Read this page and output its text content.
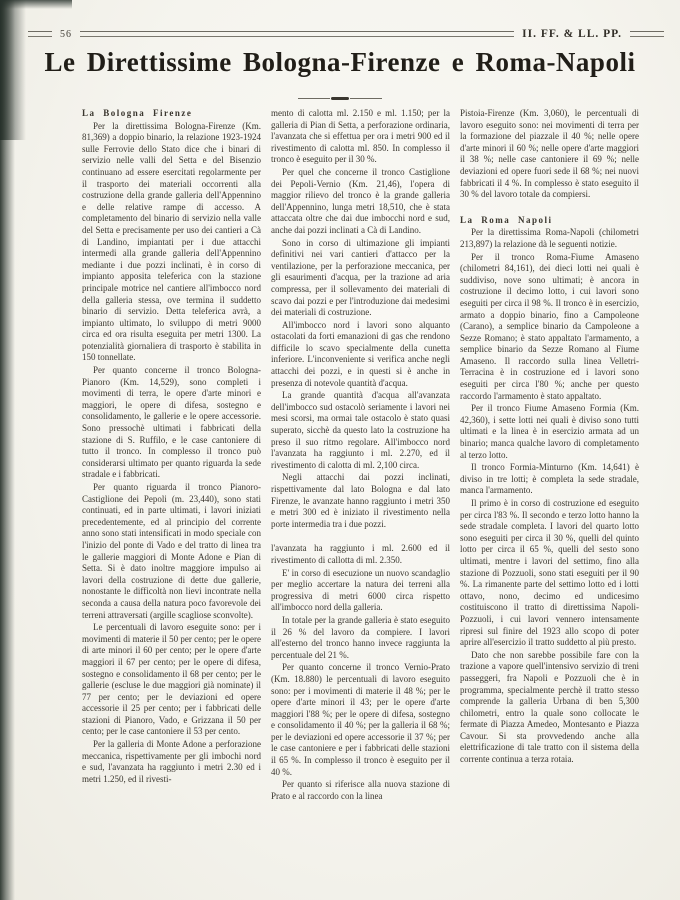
56	II. FF. & LL. PP.
Le Direttissime Bologna-Firenze e Roma-Napoli

La Bologna Firenze

Per la direttissima Bologna-Firenze (Km. 81,369) a doppio binario, la relazione 1923-1924 sulle Ferrovie dello Stato dice che i binari di servizio nelle valli del Setta e del Bisenzio continuano ad essere esercitati regolarmente per il trasporto dei materiali occorrenti alla costruzione della grande galleria dell'Appennino e delle relative rampe di accesso. A completamento del binario di servizio nella valle del Setta e precisamente per uso dei cantieri a Cà di Landino, impiantati per i due attacchi intermedi alla grande galleria dell'Appennino mediante i due pozzi inclinati, è in corso di impianto apposita teleferica con la stazione principale motrice nel cantiere all'imbocco nord della galleria stessa, ove termina il suddetto binario di servizio. Detta teleferica avrà, a impianto ultimato, lo sviluppo di metri 9000 circa ed ora risulta eseguita per metri 1300. La potenzialità giornaliera di trasporto è stabilita in 150 tonnellate.

Per quanto concerne il tronco Bologna-Pianoro (Km. 14,529), sono completi i movimenti di terra, le opere d'arte minori e maggiori, le opere di difesa, sostegno e consolidamento, le gallerie e le opere accessorie. Sono pressochè ultimati i fabbricati della stazione di S. Ruffilo, e le case cantoniere di tutto il tronco. In complesso il tronco può considerarsi ultimato per quanto riguarda la sede stradale e i fabbricati.

Per quanto riguarda il tronco Pianoro-Castiglione dei Pepoli (m. 23,440), sono stati continuati, ed in parte ultimati, i lavori iniziati precedentemente, ed al principio del corrente anno sono stati intensificati in modo speciale con l'inizio del ponte di Vado e del tratto di linea tra le gallerie maggiori di Monte Adone e Pian di Setta. Si è dato inoltre maggiore impulso ai lavori della costruzione di dette due gallerie, nonostante le difficoltà non lievi incontrate nella seconda a causa della natura poco favorevole dei terreni attraversati (argille scagliose sconvolte).

Le percentuali di lavoro eseguite sono: per i movimenti di materie il 50 per cento; per le opere di arte minori il 60 per cento; per le opere d'arte maggiori il 67 per cento; per le opere di difesa, sostegno e consolidamento il 68 per cento; per le gallerie (escluse le due maggiori già nominate) il 77 per cento; per le deviazioni ed opere accessorie il 25 per cento; per i fabbricati delle stazioni di Pianoro, Vado, e Grizzana il 50 per cento; per le case cantoniere il 53 per cento.

Per la galleria di Monte Adone a perforazione meccanica, rispettivamente per gli imbochi nord e sud, l'avanzata ha raggiunto i metri 2.30 ed i metri 1.250, ed il rivesti-

mento di calotta ml. 2.150 e ml. 1.150; per la galleria di Pian di Setta, a perforazione ordinaria, l'avanzata che si effettua per ora i metri 900 ed il rivestimento di calotta ml. 850. In complesso il tronco è eseguito per il 30 %.

Per quel che concerne il tronco Castiglione dei Pepoli-Vernio (Km. 21,46), l'opera di maggior rilievo del tronco è la grande galleria dell'Appennino, lunga metri 18,510, che è stata attaccata oltre che dai due imbocchi nord e sud, anche dai pozzi inclinati a Cà di Landino.

Sono in corso di ultimazione gli impianti definitivi nei vari cantieri d'attacco per la ventilazione, per la perforazione meccanica, per gli esaurimenti d'acqua, per la trazione ad aria compressa, per il sollevamento dei materiali di scavo dai pozzi e per l'introduzione dai medesimi dei materiali di costruzione.

All'imbocco nord i lavori sono alquanto ostacolati da forti emanazioni di gas che rendono difficile lo scavo specialmente della cunetta inferiore. L'inconveniente si verifica anche negli attacchi dei pozzi, e in questi si è anche in presenza di notevole quantità d'acqua.

La grande quantità d'acqua all'avanzata dell'imbocco sud ostacolò seriamente i lavori nei mesi scorsi, ma ormai tale ostacolo è stato quasi superato, sicchè da questo lato la costruzione ha preso il suo ritmo regolare. All'imbocco nord l'avanzata ha raggiunto i ml. 2.270, ed il rivestimento di calotta di ml. 2,100 circa.

Negli attacchi dai pozzi inclinati, rispettivamente dal lato Bologna e dal lato Firenze, le avanzate hanno raggiunto i metri 350 e metri 300 ed è iniziato il rivestimento nella porte intermedia tra i due pozzi.

l'avanzata ha raggiunto i ml. 2.600 ed il rivestimento di callotta di ml. 2.350.

E' in corso di esecuzione un nuovo scandaglio per meglio accertare la natura dei terreni alla progressiva di metri 6000 circa rispetto all'imbocco nord della galleria.

In totale per la grande galleria è stato eseguito il 26 % del lavoro da compiere. I lavori all'esterno del tronco hanno invece raggiunta la percentuale del 21 %.

Per quanto concerne il tronco Vernio-Prato (Km. 18.880) le percentuali di lavoro eseguito sono: per i movimenti di materie il 48 %; per le opere d'arte minori il 43; per le opere d'arte maggiori l'88 %; per le opere di difesa, sostegno e consolidamento il 40 %; per la galleria il 68 %; per le deviazioni ed opere accessorie il 37 %; per le case cantoniere e per i fabbricati delle stazioni il 65 %. In complesso il tronco è eseguito per il 40 %.

Per quanto si riferisce alla nuova stazione di Prato e al raccordo con la linea

Pistoia-Firenze (Km. 3,060), le percentuali di lavoro eseguito sono: nei movimenti di terra per la formazione del piazzale il 40 %; nelle opere d'arte minori il 60 %; nelle opere d'arte maggiori il 38 %; nelle case cantoniere il 69 %; nelle deviazioni ed opere fuori sede il 68 %; nei nuovi fabbricati il 4 %. In complesso è stato eseguito il 30 % del lavoro totale da compiersi.

La Roma Napoli

Per la direttissima Roma-Napoli (chilometri 213,897) la relazione dà le seguenti notizie.

Per il tronco Roma-Fiume Amaseno (chilometri 84,161), dei dieci lotti nei quali è suddiviso, nove sono ultimati; è ancora in costruzione il decimo lotto, i cui lavori sono eseguiti per circa il 98 %. Il tronco è in esercizio, armato a doppio binario, fino a Campoleone (Carano), a semplice binario da Campoleone a Sezze Romano; è stato appaltato l'armamento, a semplice binario da Sezze Romano al Fiume Amaseno. Il raccordo sulla linea Velletri-Terracina è in costruzione ed i lavori sono eseguiti per circa l'80 %; anche per questo raccordo l'armamento è stato appaltato.

Per il tronco Fiume Amaseno Formia (Km. 42,360), i sette lotti nei quali è diviso sono tutti ultimati e la linea è in esercizio armata ad un binario; manca qualche lavoro di completamento al terzo lotto.

Il tronco Formia-Minturno (Km. 14,641) è diviso in tre lotti; è completa la sede stradale, manca l'armamento.

Il primo è in corso di costruzione ed eseguito per circa l'83 %. Il secondo e terzo lotto hanno la sede stradale completa. I lavori del quarto lotto sono eseguiti per circa il 30 %, quelli del quinto lotto per circa il 65 %, quelli del sesto sono ultimati, mentre i lavori del settimo, fino alla stazione di Pozzuoli, sono stati eseguiti per il 90 %. La rimanente parte del settimo lotto ed i lotti ottavo, nono, decimo ed undicesimo costituiscono il tratto di direttissima Napoli-Pozzuoli, i cui lavori vennero intensamente ripresi sul finire del 1923 allo scopo di poter aprire all'esercizio il tratto suddetto al più presto.

Dato che non sarebbe possibile fare con la trazione a vapore quell'intensivo servizio di treni passeggeri, fra Napoli e Pozzuoli che è in programma, specialmente perchè il tratto stesso comprende la galleria Urbana di ben 5,300 chilometri, entro la quale sono collocate le fermate di Piazza Amedeo, Montesanto e Piazza Cavour. Si sta provvedendo anche alla elettrificazione di tale tratto con il sistema della corrente continua a terza rotaia.
